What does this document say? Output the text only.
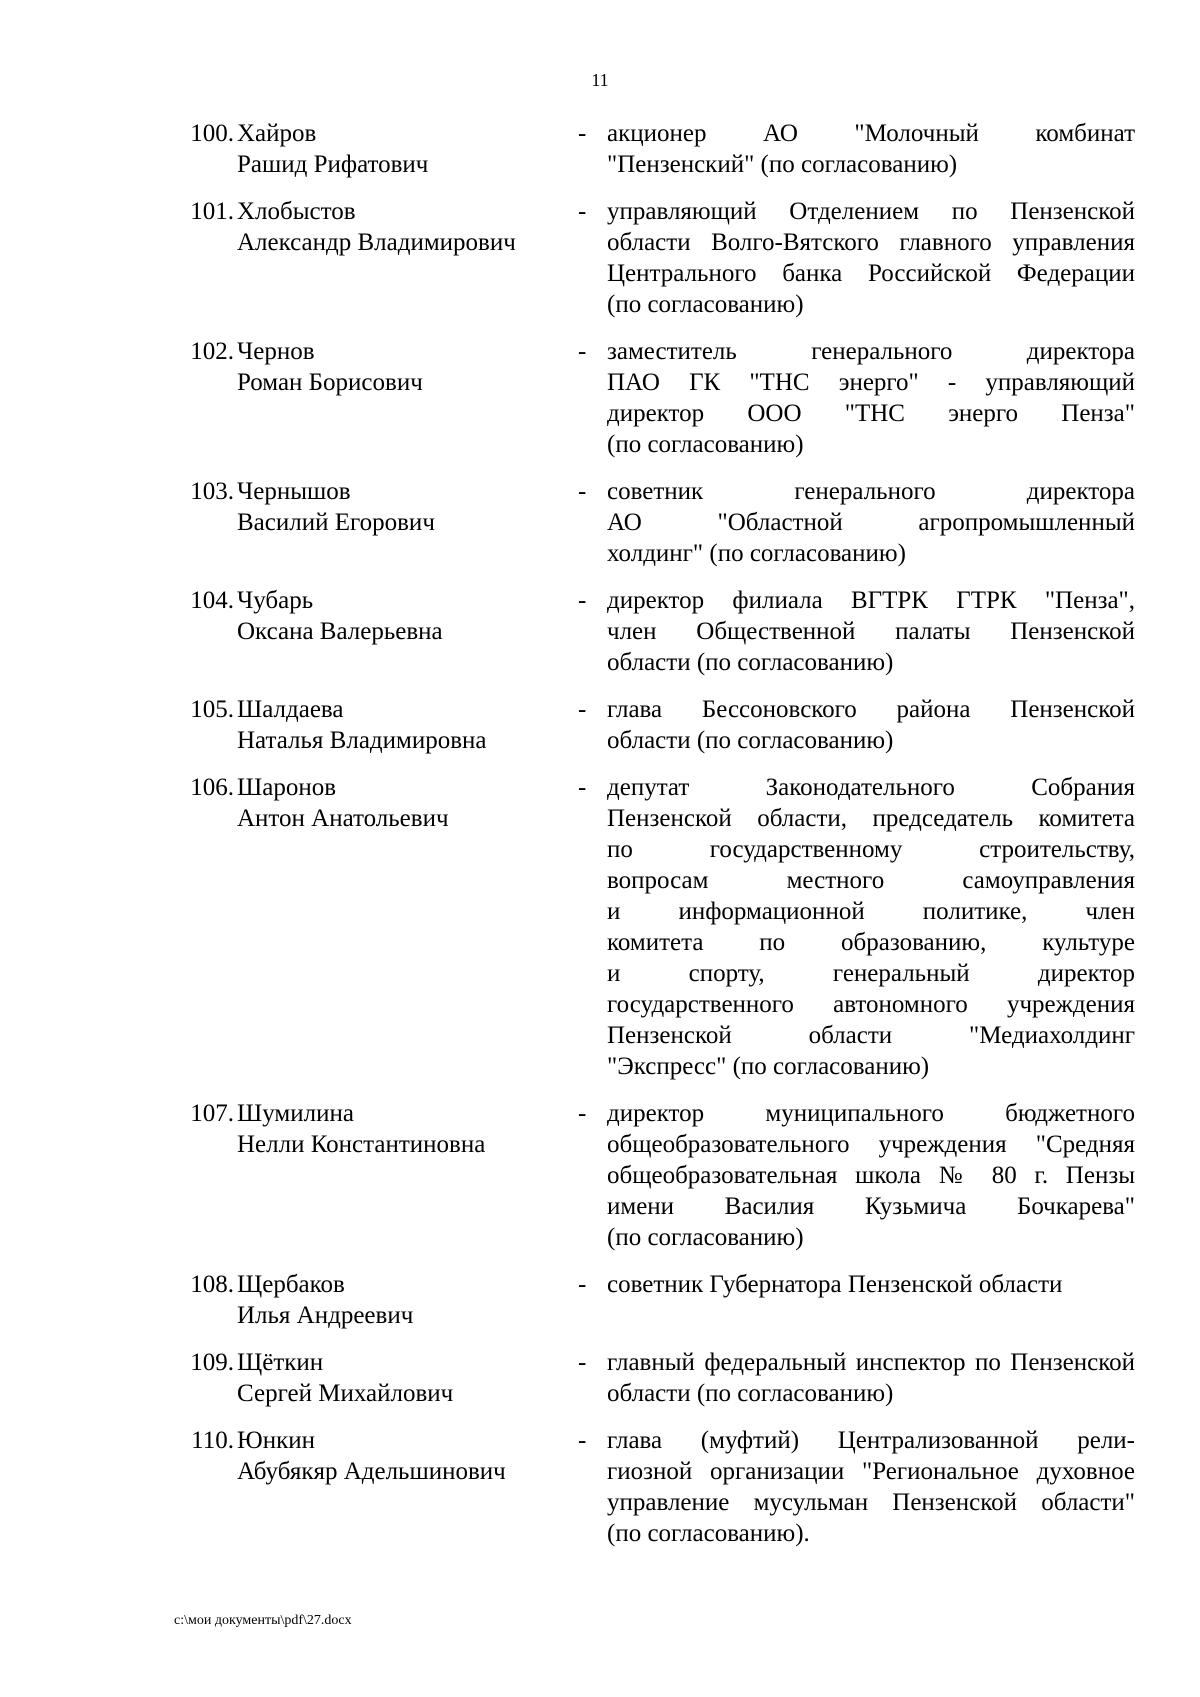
11
100. Хайров
Рашид Рифатович
- акционер АО "Молочный комбинат
"Пензенский" (по согласованию)
101. Хлобыстов
Александр Владимирович
- управляющий Отделением по Пензенской
области Волго-Вятского главного управления
Центрального банка Российской Федерации
(по согласованию)
102. Чернов
Роман Борисович
- заместитель генерального директора
ПАО ГК "ТНС энерго" - управляющий
директор ООО "ТНС энерго Пенза"
(по согласованию)
103. Чернышов
Василий Егорович
- советник генерального директора
АО "Областной агропромышленный
холдинг" (по согласованию)
104. Чубарь
Оксана Валерьевна
- директор филиала ВГТРК ГТРК "Пенза",
член Общественной палаты Пензенской
области (по согласованию)
105. Шалдаева
Наталья Владимировна
- глава Бессоновского района Пензенской
области (по согласованию)
106. Шаронов
Антон Анатольевич
- депутат Законодательного Собрания
Пензенской области, председатель комитета
по государственному строительству,
вопросам местного самоуправления
и информационной политике, член
комитета по образованию, культуре
и спорту, генеральный директор
государственного автономного учреждения
Пензенской области "Медиахолдинг
"Экспресс" (по согласованию)
107. Шумилина
Нелли Константиновна
- директор муниципального бюджетного
общеобразовательного учреждения "Средняя
общеобразовательная школа № 80 г. Пензы
имени Василия Кузьмича Бочкарева"
(по согласованию)
108. Щербаков
Илья Андреевич
- советник Губернатора Пензенской области
109. Щёткин
Сергей Михайлович
- главный федеральный инспектор по Пензенской
области (по согласованию)
110. Юнкин
Абубякяр Адельшинович
- глава (муфтий) Централизованной рели-
гиозной организации "Региональное духовное
управление мусульман Пензенской области"
(по согласованию).
c:\мои документы\pdf\27.docx
